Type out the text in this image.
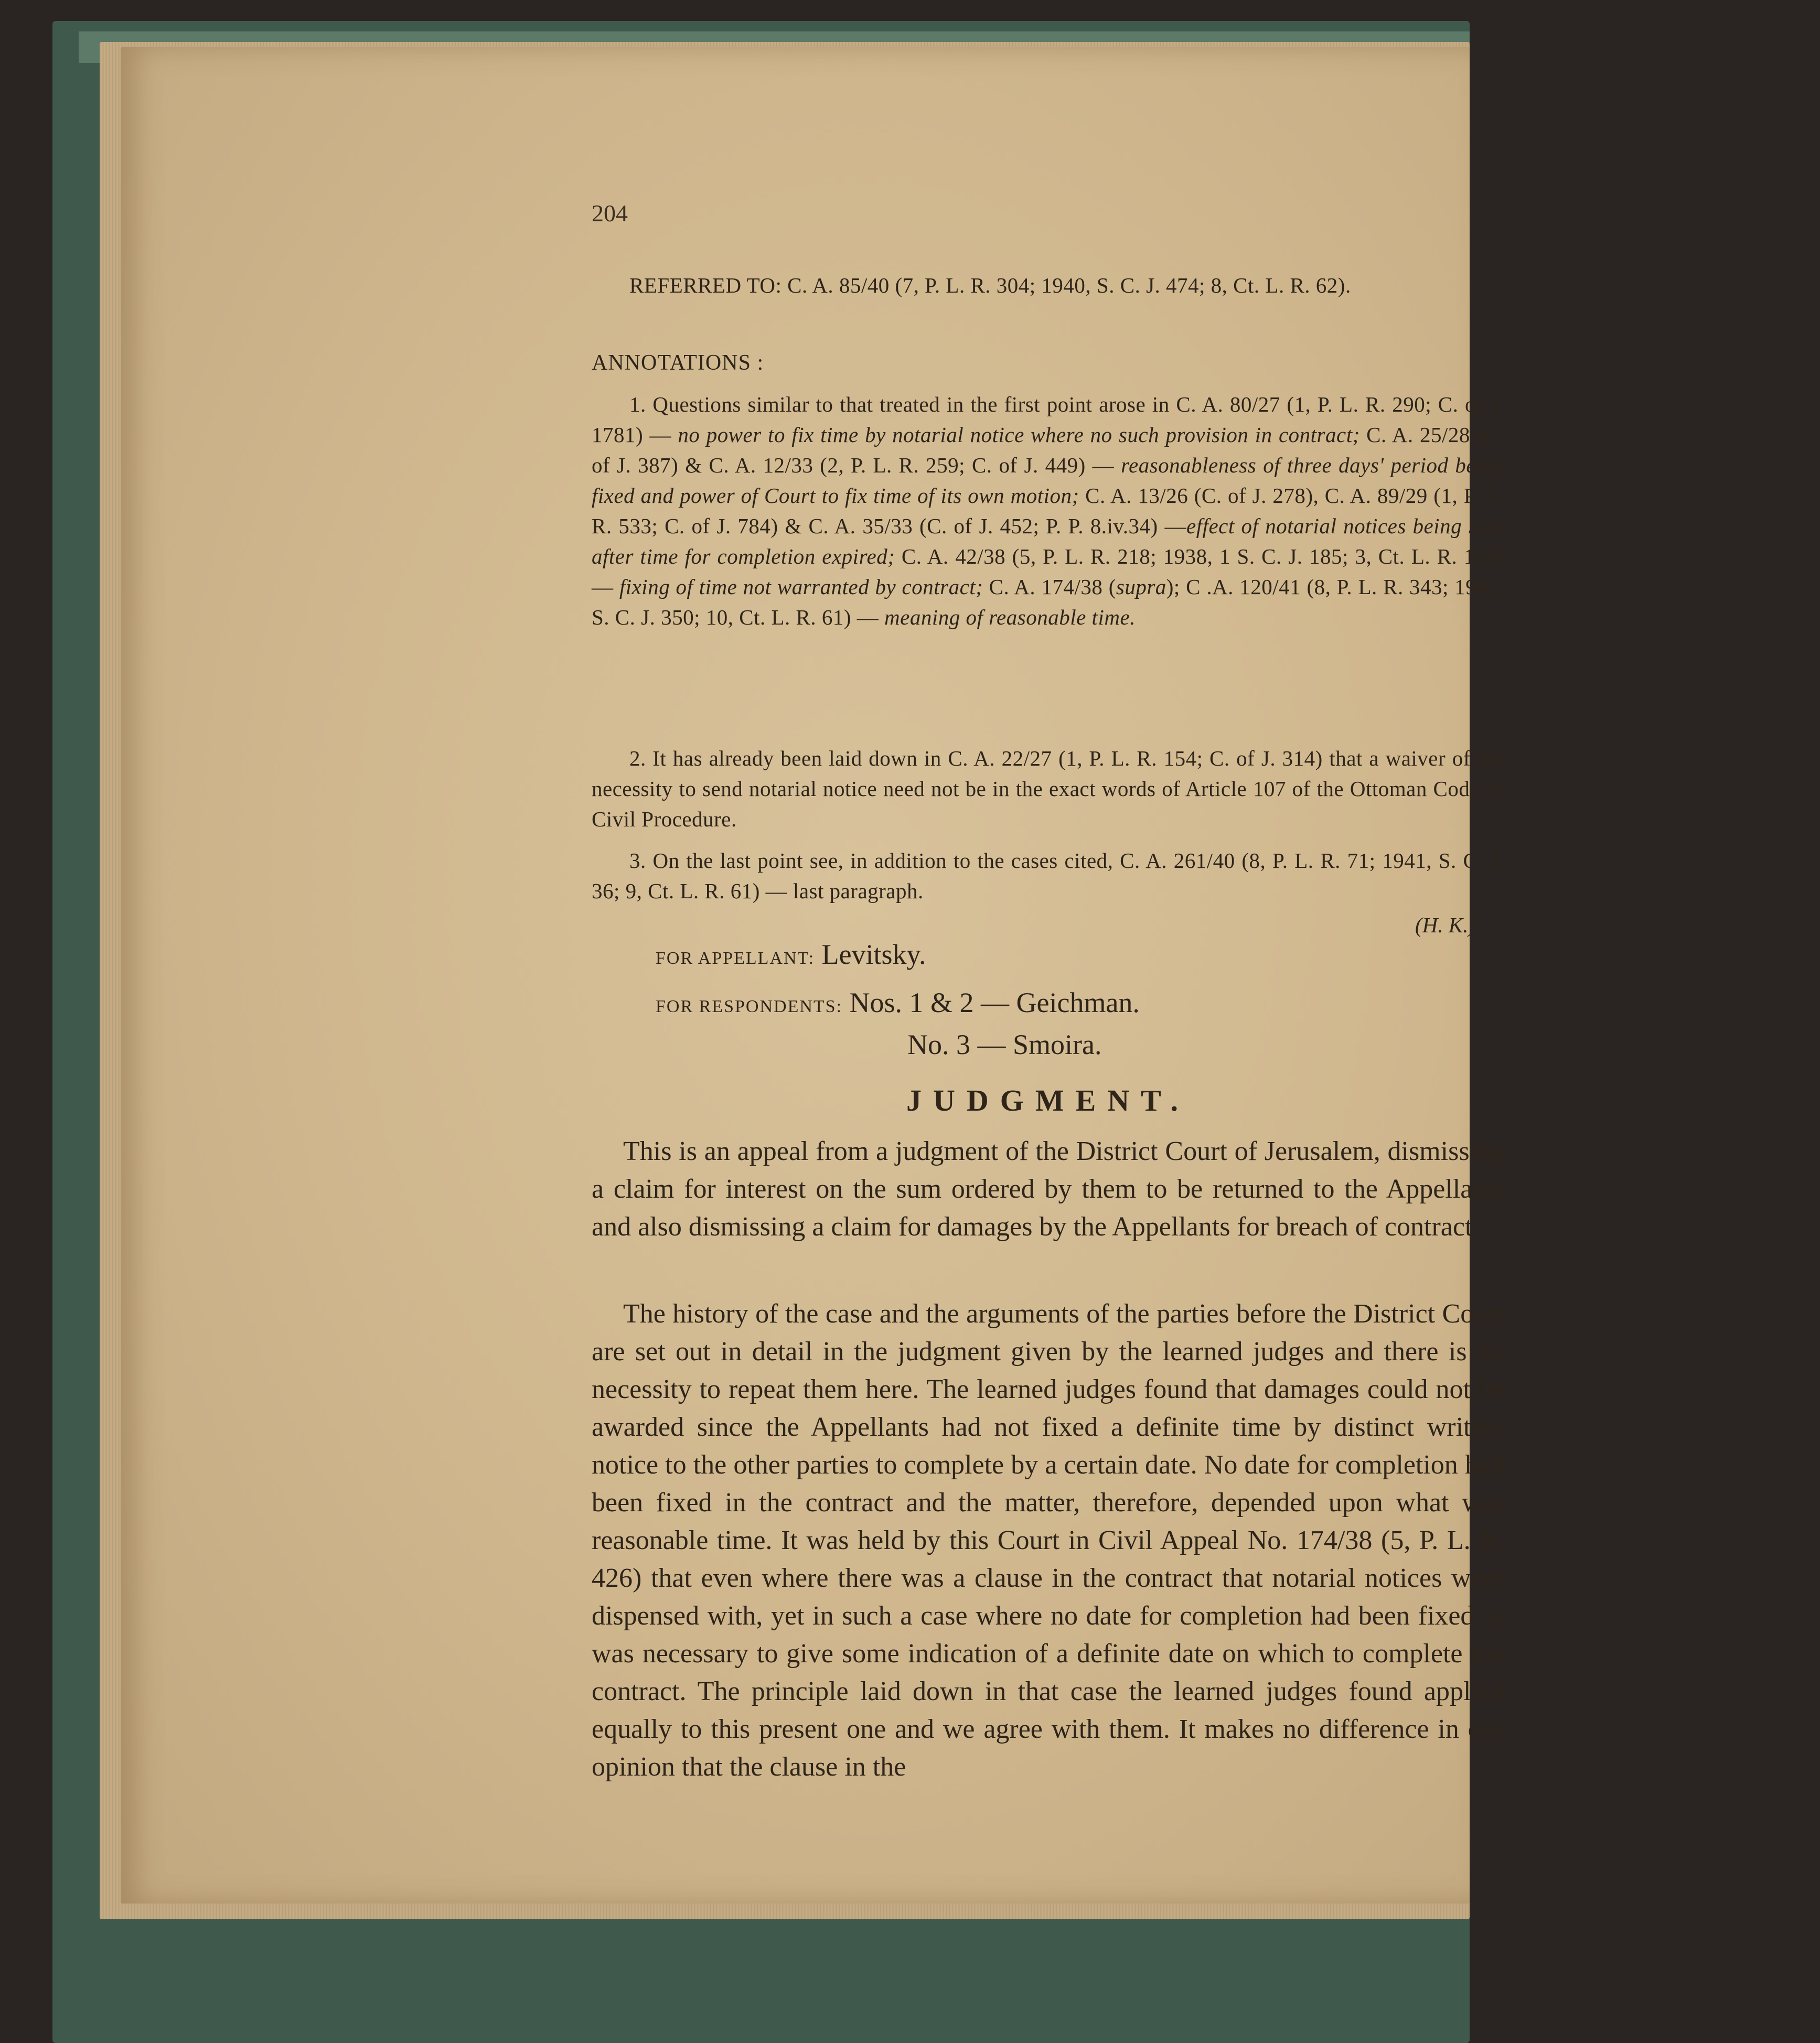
204
REFERRED TO: C. A. 85/40 (7, P. L. R. 304; 1940, S. C. J. 474; 8, Ct. L. R. 62).
ANNOTATIONS :
1. Questions similar to that treated in the first point arose in C. A. 80/27 (1, P. L. R. 290; C. of J. 1781) — no power to fix time by notarial notice where no such provision in contract; C. A. 25/28 (C. of J. 387) & C. A. 12/33 (2, P. L. R. 259; C. of J. 449) — reasonableness of three days' period being fixed and power of Court to fix time of its own motion; C. A. 13/26 (C. of J. 278), C. A. 89/29 (1, P. L. R. 533; C. of J. 784) & C. A. 35/33 (C. of J. 452; P. P. 8.iv.34) —effect of notarial notices being sent after time for completion expired; C. A. 42/38 (5, P. L. R. 218; 1938, 1 S. C. J. 185; 3, Ct. L. R. 165) — fixing of time not warranted by contract; C. A. 174/38 (supra); C .A. 120/41 (8, P. L. R. 343; 1941, S. C. J. 350; 10, Ct. L. R. 61) — meaning of reasonable time.
2. It has already been laid down in C. A. 22/27 (1, P. L. R. 154; C. of J. 314) that a waiver of the necessity to send notarial notice need not be in the exact words of Article 107 of the Ottoman Code of Civil Procedure.
3. On the last point see, in addition to the cases cited, C. A. 261/40 (8, P. L. R. 71; 1941, S. C. J. 36; 9, Ct. L. R. 61) — last paragraph.
(H. K.)
FOR APPELLANT: Levitsky.
FOR RESPONDENTS: Nos. 1 & 2 — Geichman.
No. 3 — Smoira.
JUDGMENT.
This is an appeal from a judgment of the District Court of Jerusalem, dismissing a claim for interest on the sum ordered by them to be returned to the Appellants and also dismissing a claim for damages by the Appellants for breach of contract.
The history of the case and the arguments of the parties before the District Court are set out in detail in the judgment given by the learned judges and there is no necessity to repeat them here. The learned judges found that damages could not be awarded since the Appellants had not fixed a definite time by distinct written notice to the other parties to complete by a certain date. No date for completion had been fixed in the contract and the matter, therefore, depended upon what was reasonable time. It was held by this Court in Civil Appeal No. 174/38 (5, P. L. R. 426) that even where there was a clause in the contract that notarial notices were dispensed with, yet in such a case where no date for completion had been fixed, it was necessary to give some indication of a definite date on which to complete the contract. The principle laid down in that case the learned judges found applied equally to this present one and we agree with them. It makes no difference in our opinion that the clause in the
